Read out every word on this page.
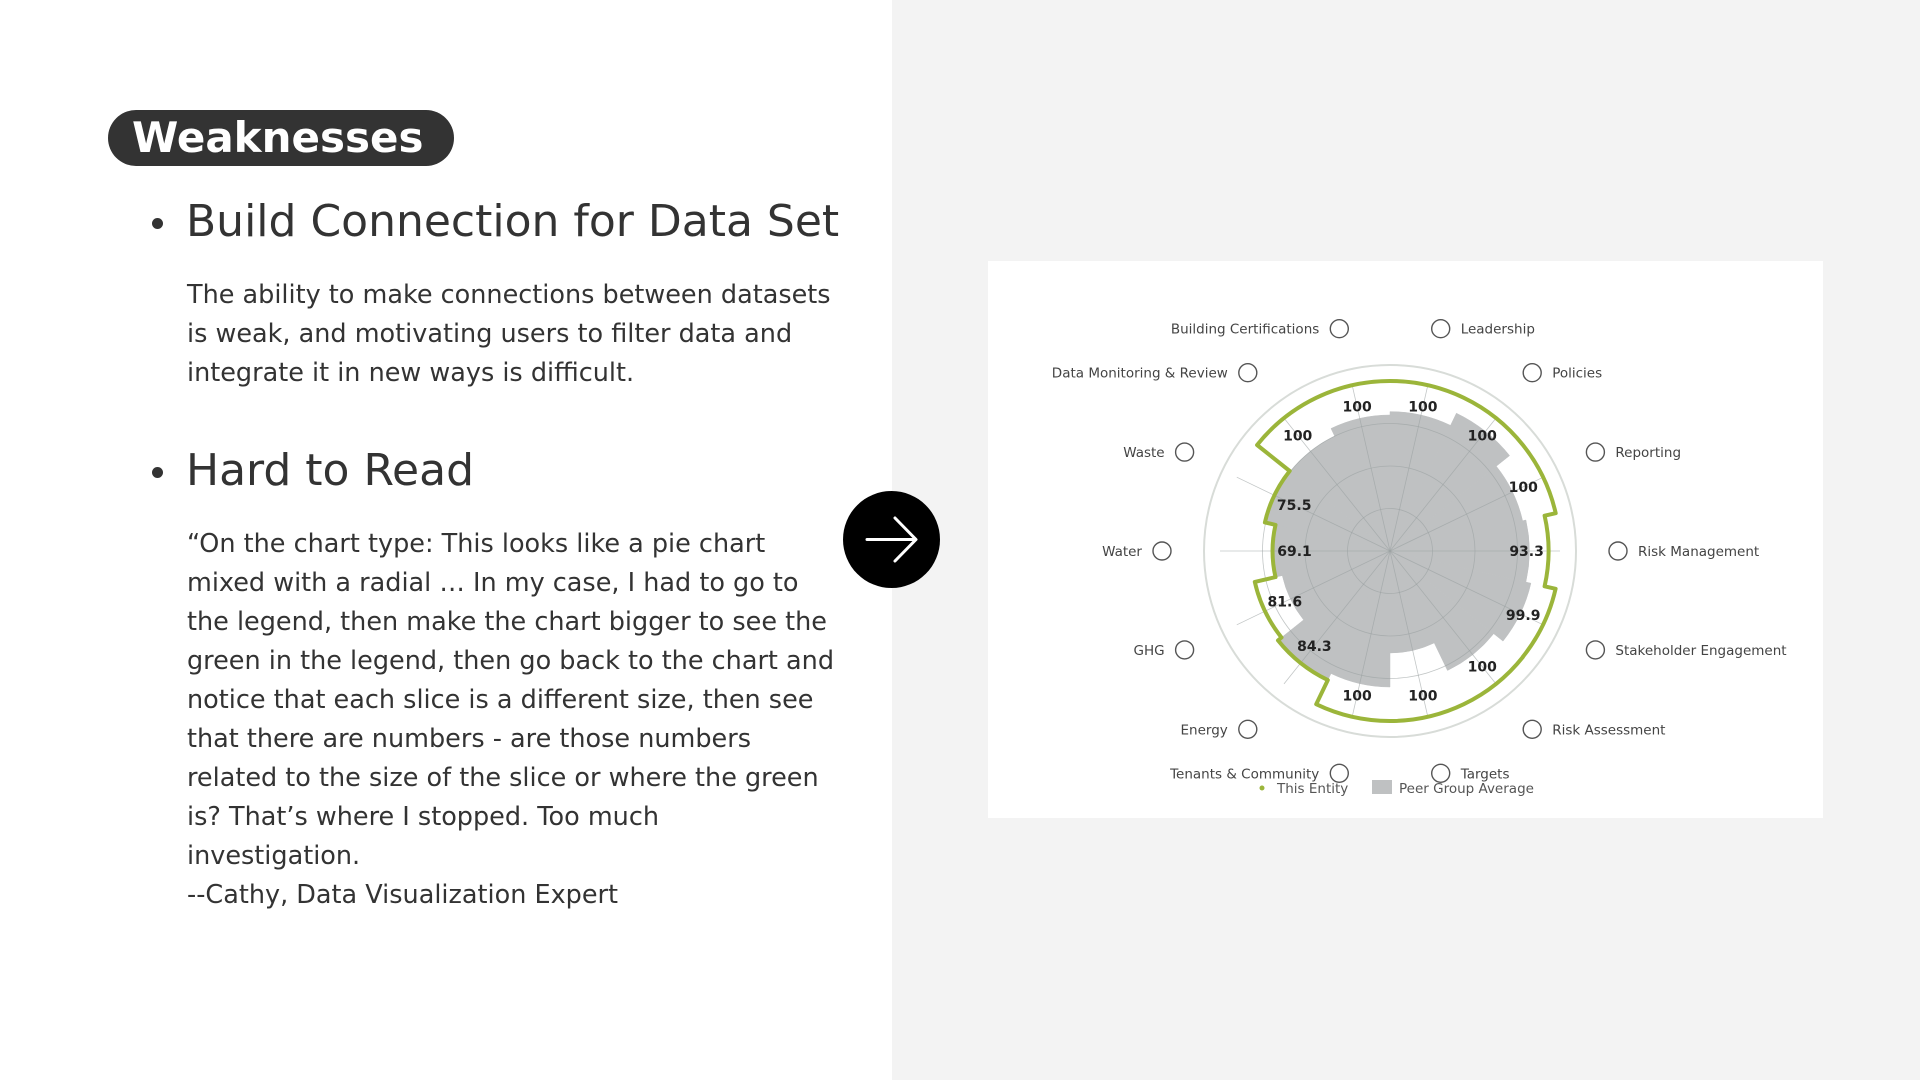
Weaknesses
Build Connection for Data Set
The ability to make connections between datasets
is weak, and motivating users to filter data and
integrate it in new ways is difficult.
Hard to Read
“On the chart type: This looks like a pie chart
mixed with a radial … In my case, I had to go to
the legend, then make the chart bigger to see the
green in the legend, then go back to the chart and
notice that each slice is a different size, then see
that there are numbers - are those numbers
related to the size of the slice or where the green
is? That’s where I stopped. Too much
investigation.
--Cathy, Data Visualization Expert
100
100
100
93.3
99.9
100
100
100
84.3
81.6
69.1
75.5
100
100
Leadership
Policies
Reporting
Risk Management
Stakeholder Engagement
Risk Assessment
Targets
Tenants & Community
Energy
GHG
Water
Waste
Data Monitoring & Review
Building Certifications
This Entity	Peer Group Average
